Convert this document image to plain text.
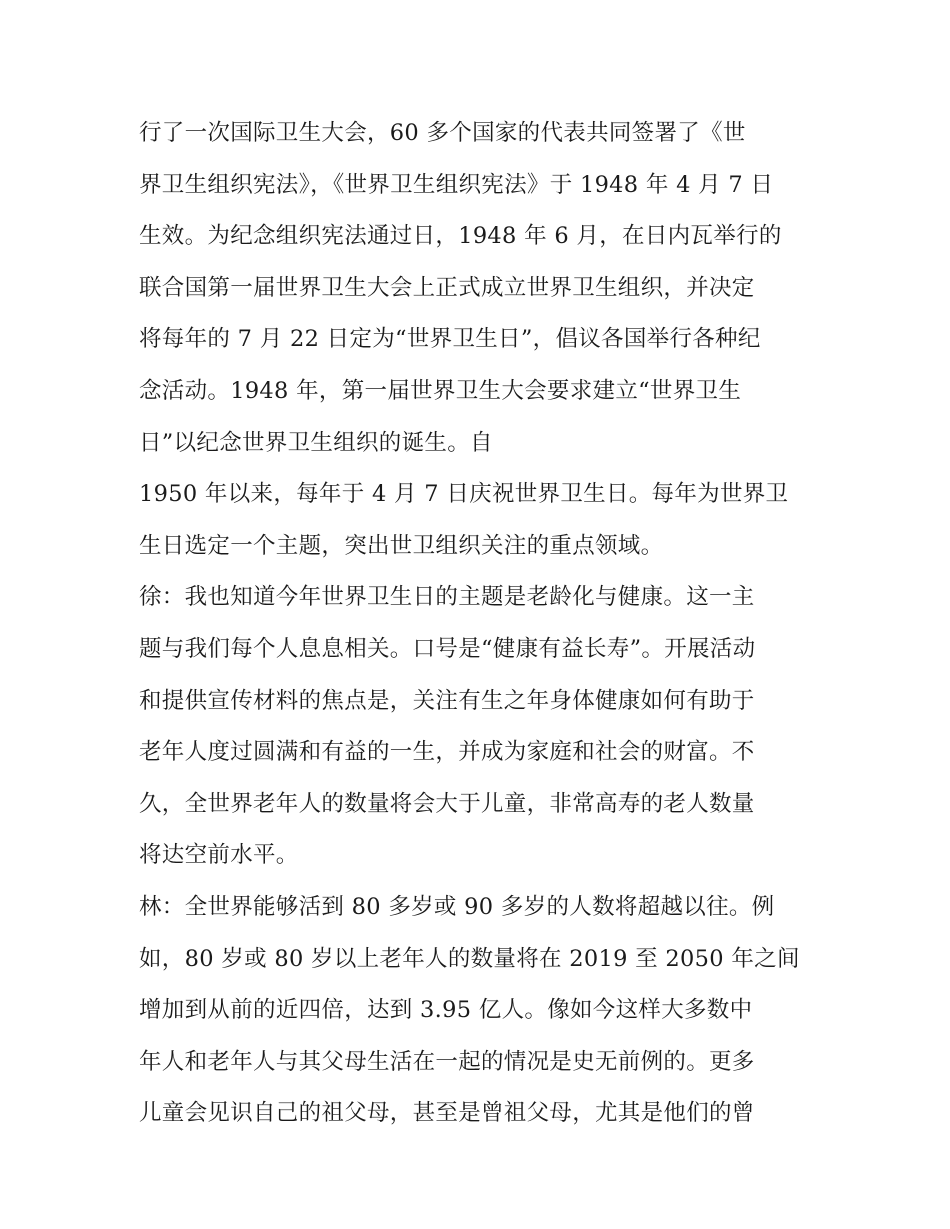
行了一次国际卫生大会，60 多个国家的代表共同签署了《世
界卫生组织宪法》，《世界卫生组织宪法》于 1948 年 4 月 7 日
生效。为纪念组织宪法通过日，1948 年 6 月，在日内瓦举行的
联合国第一届世界卫生大会上正式成立世界卫生组织，并决定
将每年的 7 月 22 日定为“世界卫生日”，倡议各国举行各种纪
念活动。1948 年，第一届世界卫生大会要求建立“世界卫生
日”以纪念世界卫生组织的诞生。自
1950 年以来，每年于 4 月 7 日庆祝世界卫生日。每年为世界卫
生日选定一个主题，突出世卫组织关注的重点领域。
徐：我也知道今年世界卫生日的主题是老龄化与健康。这一主
题与我们每个人息息相关。口号是“健康有益长寿”。开展活动
和提供宣传材料的焦点是，关注有生之年身体健康如何有助于
老年人度过圆满和有益的一生，并成为家庭和社会的财富。不
久，全世界老年人的数量将会大于儿童，非常高寿的老人数量
将达空前水平。
林：全世界能够活到 80 多岁或 90 多岁的人数将超越以往。例
如，80 岁或 80 岁以上老年人的数量将在 2019 至 2050 年之间
增加到从前的近四倍，达到 3.95 亿人。像如今这样大多数中
年人和老年人与其父母生活在一起的情况是史无前例的。更多
儿童会见识自己的祖父母，甚至是曾祖父母，尤其是他们的曾
